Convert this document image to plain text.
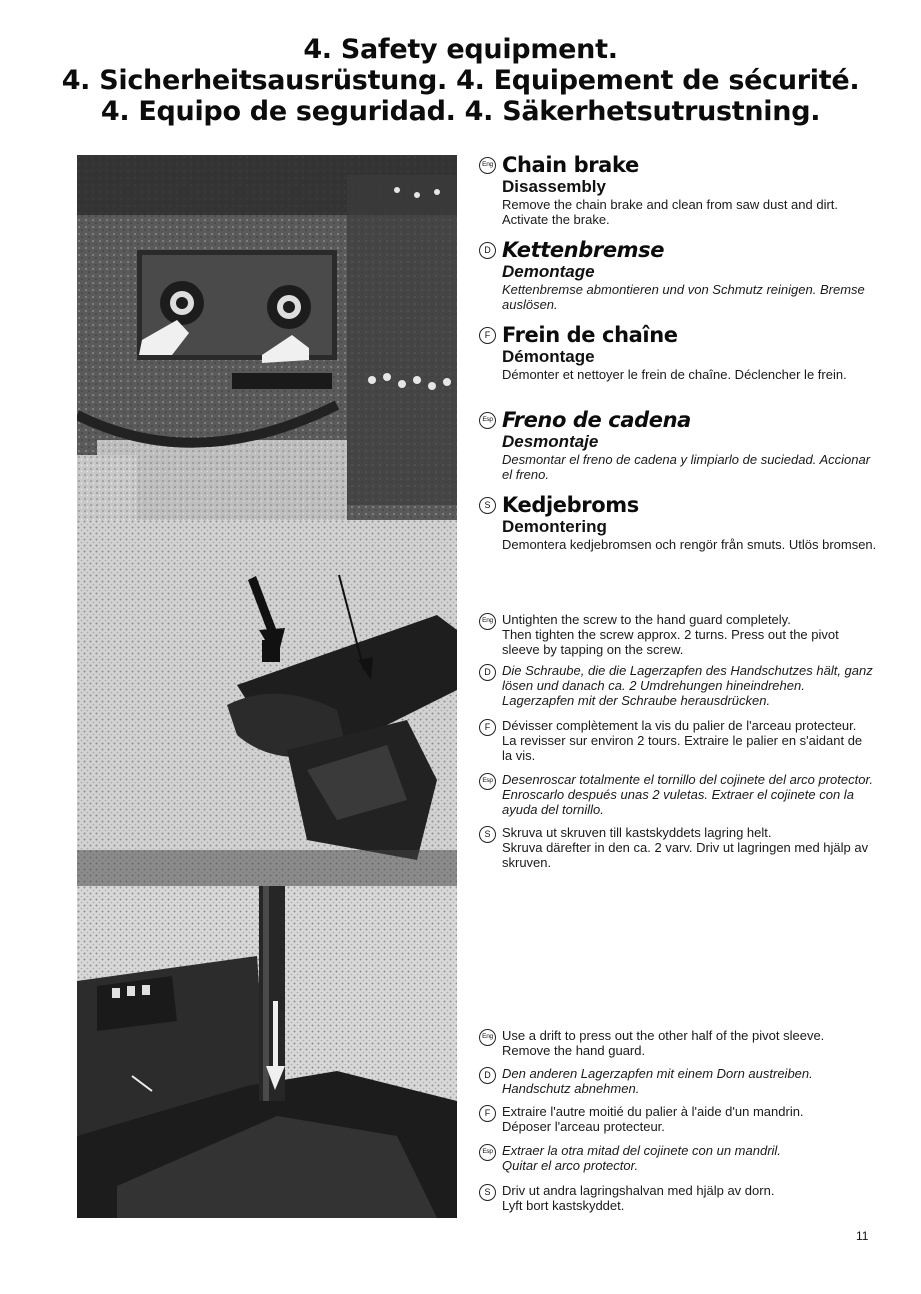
4. Safety equipment.
4. Sicherheitsausrüstung. 4. Equipement de sécurité.
4. Equipo de seguridad. 4. Säkerhetsutrustning.
Eng Chain brake
Disassembly
Remove the chain brake and clean from saw dust and dirt. Activate the brake.
D Kettenbremse
Demontage
Kettenbremse abmontieren und von Schmutz reinigen. Bremse auslösen.
F Frein de chaîne
Démontage
Démonter et nettoyer le frein de chaîne. Déclencher le frein.
Esp Freno de cadena
Desmontaje
Desmontar el freno de cadena y limpiarlo de suciedad. Accionar el freno.
S Kedjebroms
Demontering
Demontera kedjebromsen och rengör från smuts. Utlös bromsen.
Eng Untighten the screw to the hand guard completely.
Then tighten the screw approx. 2 turns. Press out the pivot sleeve by tapping on the screw.
D Die Schraube, die die Lagerzapfen des Handschutzes hält, ganz lösen und danach ca. 2 Umdrehungen hineindrehen. Lagerzapfen mit der Schraube herausdrücken.
F Dévisser complètement la vis du palier de l'arceau protecteur. La revisser sur environ 2 tours. Extraire le palier en s'aidant de la vis.
Esp Desenroscar totalmente el tornillo del cojinete del arco protector. Enroscarlo después unas 2 vuletas. Extraer el cojinete con la ayuda del tornillo.
S Skruva ut skruven till kastskyddets lagring helt.
Skruva därefter in den ca. 2 varv. Driv ut lagringen med hjälp av skruven.
Eng Use a drift to press out the other half of the pivot sleeve.
Remove the hand guard.
D Den anderen Lagerzapfen mit einem Dorn austreiben.
Handschutz abnehmen.
F Extraire l'autre moitié du palier à l'aide d'un mandrin.
Déposer l'arceau protecteur.
Esp Extraer la otra mitad del cojinete con un mandril.
Quitar el arco protector.
S Driv ut andra lagringshalvan med hjälp av dorn.
Lyft bort kastskyddet.
11
